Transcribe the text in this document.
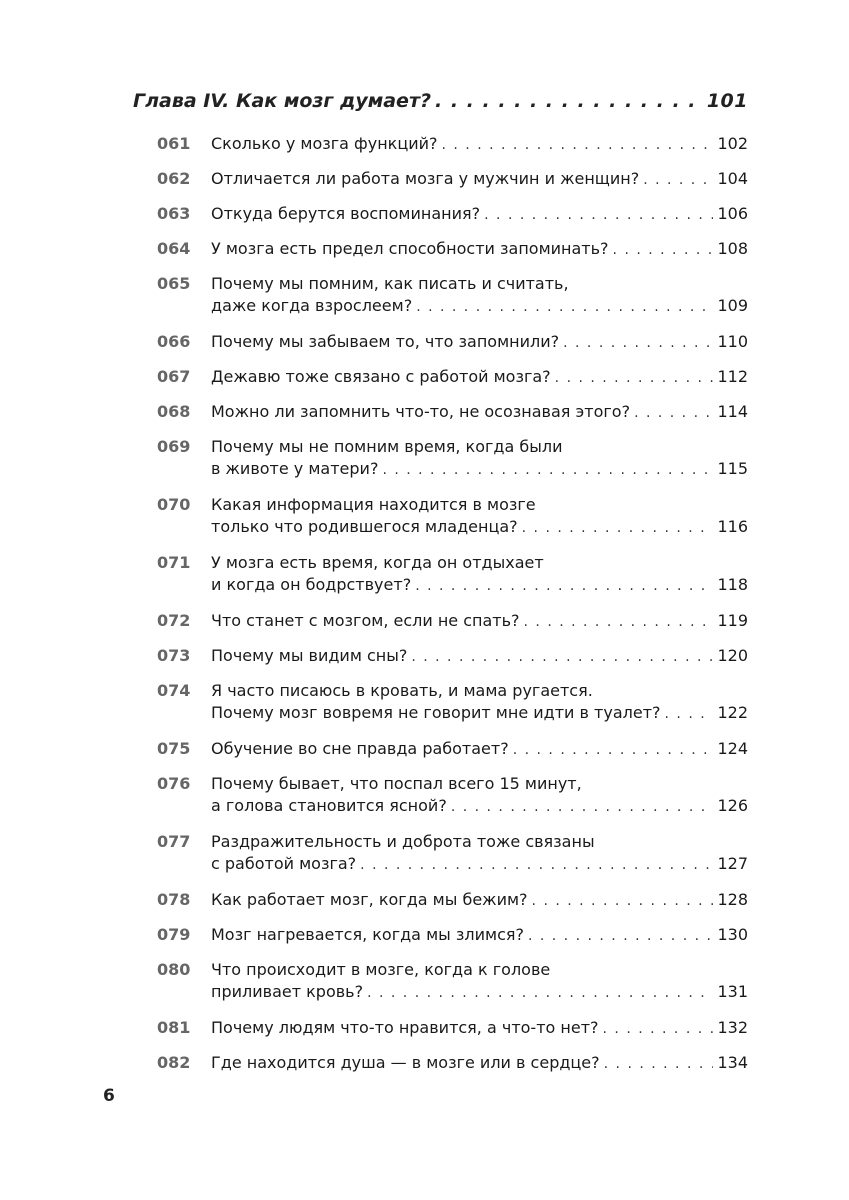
Глава IV. Как мозг думает? . . .	101
061 Сколько у мозга функций? . . .	102
062 Отличается ли работа мозга у мужчин и женщин? . . .	104
063 Откуда берутся воспоминания? . . .	106
064 У мозга есть предел способности запоминать? . . .	108
065 Почему мы помним, как писать и считать,
даже когда взрослеем? . . .	109
066 Почему мы забываем то, что запомнили? . . .	110
067 Дежавю тоже связано с работой мозга? . . .	112
068 Можно ли запомнить что-то, не осознавая этого? . . .	114
069 Почему мы не помним время, когда были
в животе у матери? . . .	115
070 Какая информация находится в мозге
только что родившегося младенца? . . .	116
071 У мозга есть время, когда он отдыхает
и когда он бодрствует? . . .	118
072 Что станет с мозгом, если не спать? . . .	119
073 Почему мы видим сны? . . .	120
074 Я часто писаюсь в кровать, и мама ругается.
Почему мозг вовремя не говорит мне идти в туалет? . . .	122
075 Обучение во сне правда работает? . . .	124
076 Почему бывает, что поспал всего 15 минут,
а голова становится ясной? . . .	126
077 Раздражительность и доброта тоже связаны
с работой мозга? . . .	127
078 Как работает мозг, когда мы бежим? . . .	128
079 Мозг нагревается, когда мы злимся? . . .	130
080 Что происходит в мозге, когда к голове
приливает кровь? . . .	131
081 Почему людям что-то нравится, а что-то нет? . . .	132
082 Где находится душа — в мозге или в сердце? . . .	134
6
